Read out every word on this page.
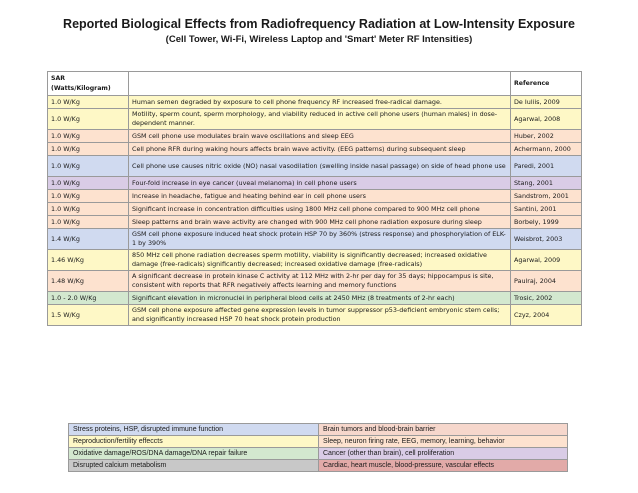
Reported Biological Effects from Radiofrequency Radiation at Low-Intensity Exposure
(Cell Tower, Wi-Fi, Wireless Laptop and 'Smart' Meter RF Intensities)
SAR
(Watts/Kilogram)		Reference
1.0 W/Kg	Human semen degraded by exposure to cell phone frequency RF increased free-radical damage.	De Iuliis, 2009
1.0 W/Kg	Motility, sperm count, sperm morphology, and viability reduced in active cell phone users (human males) in dose-dependent manner.	Agarwal, 2008
1.0 W/Kg	GSM cell phone use modulates brain wave oscillations and sleep EEG	Huber, 2002
1.0 W/Kg	Cell phone RFR during waking hours affects brain wave activity. (EEG patterns) during subsequent sleep	Achermann, 2000
1.0 W/Kg	Cell phone use causes nitric oxide (NO) nasal vasodilation (swelling inside nasal passage) on side of head phone use	Paredi, 2001
1.0 W/Kg	Four-fold increase in eye cancer (uveal melanoma) in cell phone users	Stang, 2001
1.0 W/Kg	Increase in headache, fatigue and heating behind ear in cell phone users	Sandstrom, 2001
1.0 W/Kg	Significant increase in concentration difficulties using 1800 MHz cell phone compared to 900 MHz cell phone	Santini, 2001
1.0 W/Kg	Sleep patterns and brain wave activity are changed with 900 MHz cell phone radiation exposure during sleep	Borbely, 1999
1.4 W/Kg	GSM cell phone exposure induced heat shock protein HSP 70 by 360% (stress response) and phosphorylation of ELK-1 by 390%	Weisbrot, 2003
1.46 W/Kg	850 MHz cell phone radiation decreases sperm motility, viability is significantly decreased; increased oxidative damage (free-radicals) significantly decreased; increased oxidative damage (free-radicals)	Agarwal, 2009
1.48 W/Kg	A significant decrease in protein kinase C activity at 112 MHz with 2-hr per day for 35 days; hippocampus is site, consistent with reports that RFR negatively affects learning and memory functions	Paulraj, 2004
1.0 - 2.0 W/Kg	Significant elevation in micronuclei in peripheral blood cells at 2450 MHz (8 treatments of 2-hr each)	Trosic, 2002
1.5 W/Kg	GSM cell phone exposure affected gene expression levels in tumor suppressor p53-deficient embryonic stem cells; and significantly increased HSP 70 heat shock protein production	Czyz, 2004
Stress proteins, HSP, disrupted immune function	Brain tumors and blood-brain barrier
Reproduction/fertility effeccts	Sleep, neuron firing rate, EEG, memory, learning, behavior
Oxidative damage/ROS/DNA damage/DNA repair failure	Cancer (other than brain), cell proliferation
Disrupted calcium metabolism	Cardiac, heart muscle, blood-pressure, vascular effects
